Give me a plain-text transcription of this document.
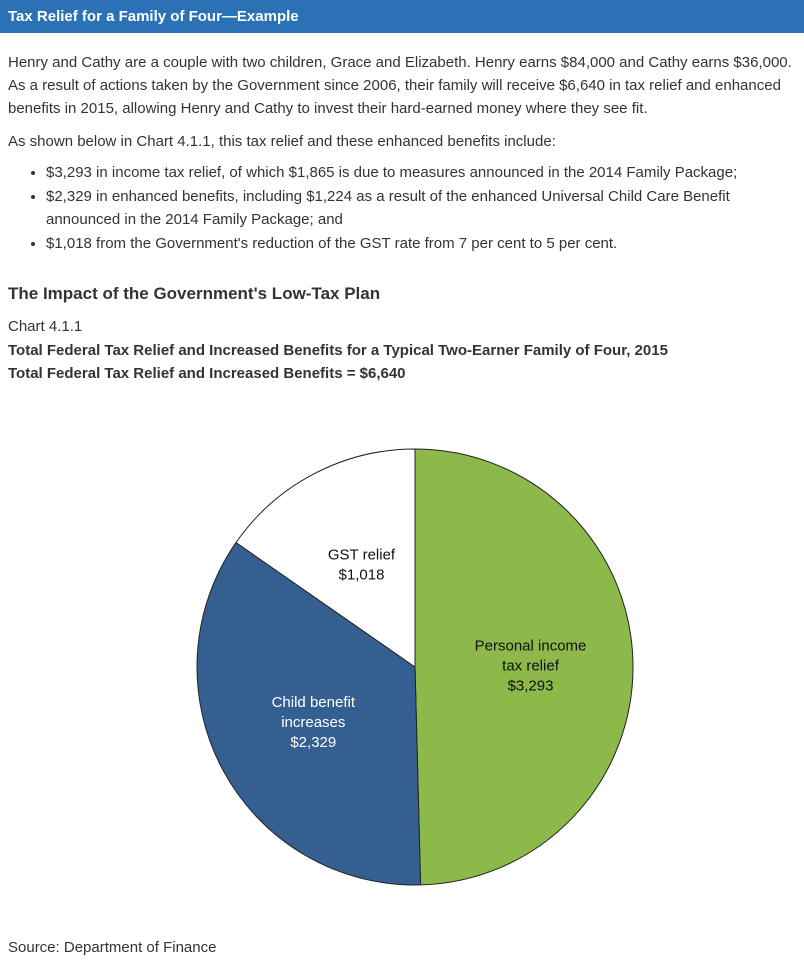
Tax Relief for a Family of Four—Example

Henry and Cathy are a couple with two children, Grace and Elizabeth. Henry earns $84,000 and Cathy earns $36,000. As a result of actions taken by the Government since 2006, their family will receive $6,640 in tax relief and enhanced benefits in 2015, allowing Henry and Cathy to invest their hard-earned money where they see fit.

As shown below in Chart 4.1.1, this tax relief and these enhanced benefits include:

• $3,293 in income tax relief, of which $1,865 is due to measures announced in the 2014 Family Package;
• $2,329 in enhanced benefits, including $1,224 as a result of the enhanced Universal Child Care Benefit announced in the 2014 Family Package; and
• $1,018 from the Government's reduction of the GST rate from 7 per cent to 5 per cent.
The Impact of the Government's Low-Tax Plan

Chart 4.1.1

Total Federal Tax Relief and Increased Benefits for a Typical Two-Earner Family of Four, 2015

Total Federal Tax Relief and Increased Benefits = $6,640

Personal income tax relief $3,293
Child benefit increases $2,329
GST relief $1,018

Source: Department of Finance
